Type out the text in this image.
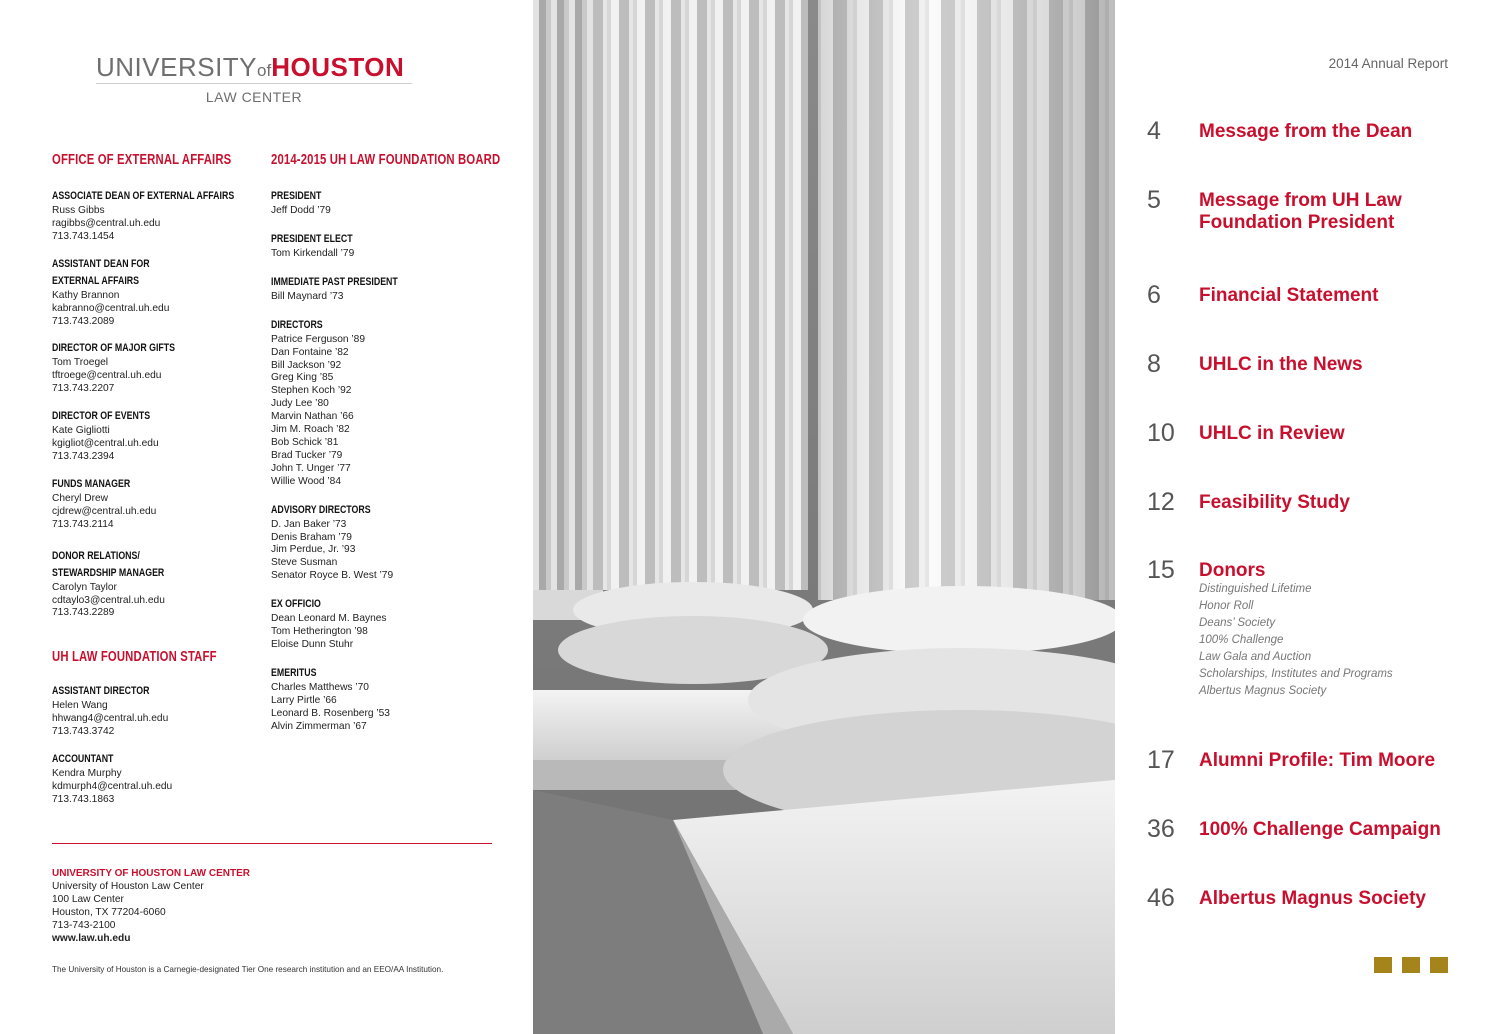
UNIVERSITYofHOUSTON
LAW CENTER
OFFICE OF EXTERNAL AFFAIRS
ASSOCIATE DEAN OF EXTERNAL AFFAIRS
Russ Gibbs
ragibbs@central.uh.edu
713.743.1454
ASSISTANT DEAN FOR
EXTERNAL AFFAIRS
Kathy Brannon
kabranno@central.uh.edu
713.743.2089
DIRECTOR OF MAJOR GIFTS
Tom Troegel
tftroege@central.uh.edu
713.743.2207
DIRECTOR OF EVENTS
Kate Gigliotti
kgigliot@central.uh.edu
713.743.2394
FUNDS MANAGER
Cheryl Drew
cjdrew@central.uh.edu
713.743.2114
DONOR RELATIONS/
STEWARDSHIP MANAGER
Carolyn Taylor
cdtaylo3@central.uh.edu
713.743.2289
UH LAW FOUNDATION STAFF
ASSISTANT DIRECTOR
Helen Wang
hhwang4@central.uh.edu
713.743.3742
ACCOUNTANT
Kendra Murphy
kdmurph4@central.uh.edu
713.743.1863
2014-2015 UH LAW FOUNDATION BOARD
PRESIDENT
Jeff Dodd ’79
PRESIDENT ELECT
Tom Kirkendall ’79
IMMEDIATE PAST PRESIDENT
Bill Maynard ’73
DIRECTORS
Patrice Ferguson ’89
Dan Fontaine ’82
Bill Jackson ’92
Greg King ’85
Stephen Koch ’92
Judy Lee ’80
Marvin Nathan ’66
Jim M. Roach ’82
Bob Schick ’81
Brad Tucker ’79
John T. Unger ’77
Willie Wood ’84
ADVISORY DIRECTORS
D. Jan Baker ’73
Denis Braham ’79
Jim Perdue, Jr. ’93
Steve Susman
Senator Royce B. West ’79
EX OFFICIO
Dean Leonard M. Baynes
Tom Hetherington ’98
Eloise Dunn Stuhr
EMERITUS
Charles Matthews ’70
Larry Pirtle ’66
Leonard B. Rosenberg ’53
Alvin Zimmerman ’67
UNIVERSITY OF HOUSTON LAW CENTER
University of Houston Law Center
100 Law Center
Houston, TX 77204-6060
713-743-2100
www.law.uh.edu
The University of Houston is a Carnegie-designated Tier One research institution and an EEO/AA Institution.
2014 Annual Report
4 Message from the Dean
5 Message from UH Law Foundation President
6 Financial Statement
8 UHLC in the News
10 UHLC in Review
12 Feasibility Study
15 Donors
Distinguished Lifetime
Honor Roll
Deans’ Society
100% Challenge
Law Gala and Auction
Scholarships, Institutes and Programs
Albertus Magnus Society
17 Alumni Profile: Tim Moore
36 100% Challenge Campaign
46 Albertus Magnus Society
